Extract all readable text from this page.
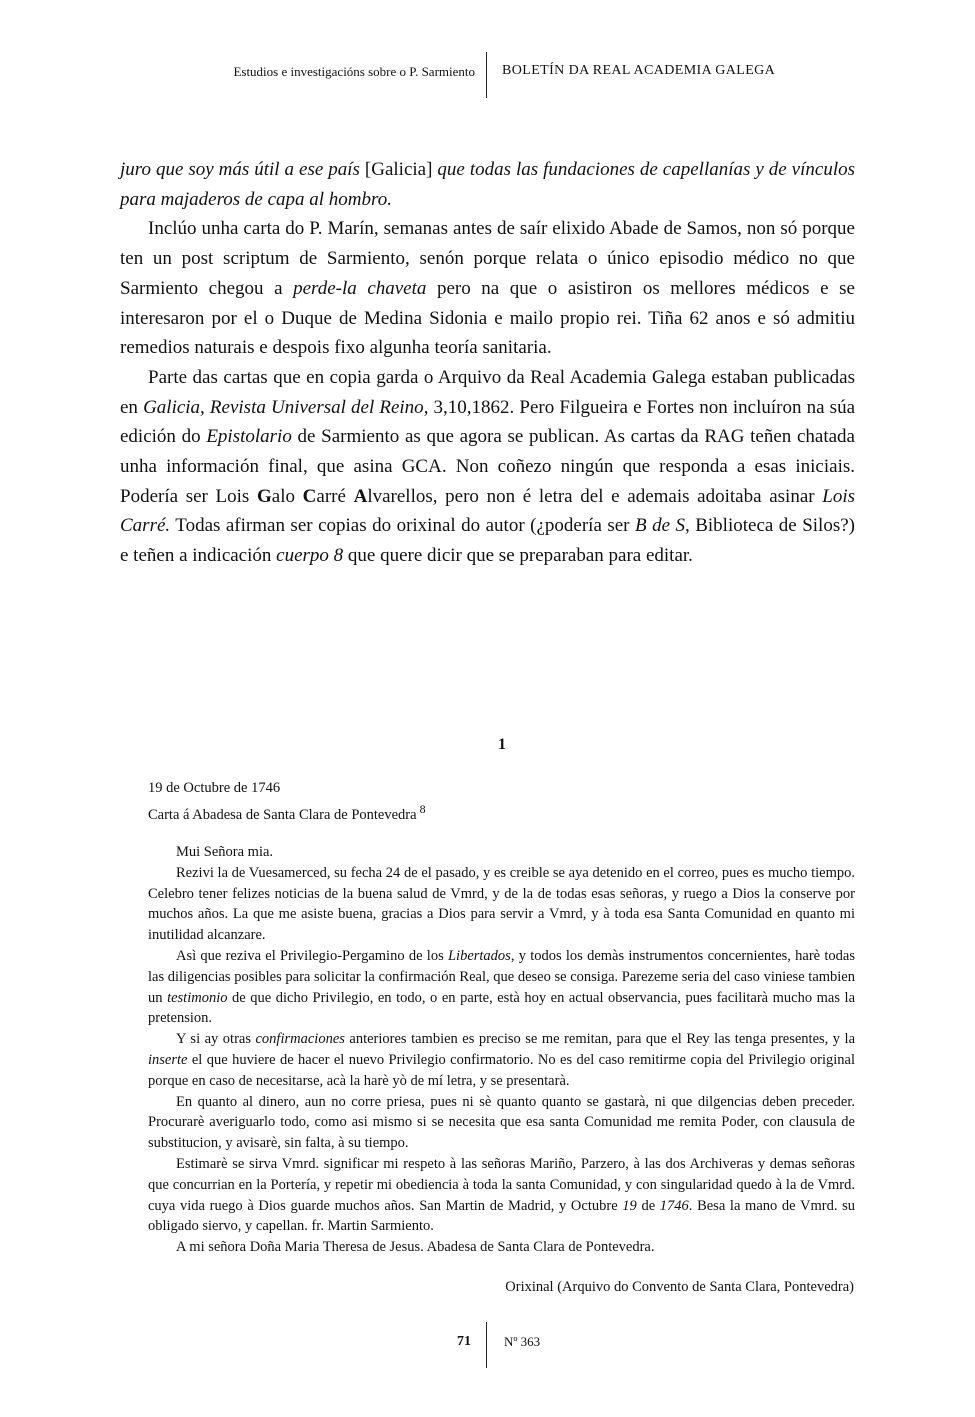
Estudios e investigacións sobre o P. Sarmiento BOLETÍN DA REAL ACADEMIA GALEGA

juro que soy más útil a ese país [Galicia] que todas las fundaciones de capellanías y de vínculos para majaderos de capa al hombro.

Inclúo unha carta do P. Marín, semanas antes de saír elixido Abade de Samos, non só porque ten un post scriptum de Sarmiento, senón porque relata o único episodio médico no que Sarmiento chegou a perde-la chaveta pero na que o asistiron os mellores médicos e se interesaron por el o Duque de Medina Sidonia e mailo propio rei. Tiña 62 anos e só admitiu remedios naturais e despois fixo algunha teoría sanitaria.

Parte das cartas que en copia garda o Arquivo da Real Academia Galega estaban publicadas en Galicia, Revista Universal del Reino, 3,10,1862. Pero Filgueira e Fortes non incluíron na súa edición do Epistolario de Sarmiento as que agora se publican. As cartas da RAG teñen chatada unha información final, que asina GCA. Non coñezo ningún que responda a esas iniciais. Podería ser Lois Galo Carré Alvarellos, pero non é letra del e ademais adoitaba asinar Lois Carré. Todas afirman ser copias do orixinal do autor (¿podería ser B de S, Biblioteca de Silos?) e teñen a indicación cuerpo 8 que quere dicir que se preparaban para editar.

1
19 de Octubre de 1746
Carta á Abadesa de Santa Clara de Pontevedra $^8$

Mui Señora mia.

Rezivi la de Vuesamerced, su fecha 24 de el pasado, y es creible se aya detenido en el correo, pues es mucho tiempo. Celebro tener felizes noticias de la buena salud de Vmrd, y de la de todas esas señoras, y ruego a Dios la conserve por muchos años. La que me asiste buena, gracias a Dios para servir a Vmrd, y à toda esa Santa Comunidad en quanto mi inutilidad alcanzare.

Asì que reziva el Privilegio-Pergamino de los Libertados, y todos los demàs instrumentos concernientes, harè todas las diligencias posibles para solicitar la confirmación Real, que deseo se consiga. Parezeme seria del caso viniese tambien un testimonio de que dicho Privilegio, en todo, o en parte, està hoy en actual observancia, pues facilitarà mucho mas la pretension.

Y si ay otras confirmaciones anteriores tambien es preciso se me remitan, para que el Rey las tenga presentes, y la inserte el que huviere de hacer el nuevo Privilegio confirmatorio. No es del caso remitirme copia del Privilegio original porque en caso de necesitarse, acà la harè yò de mí letra, y se presentarà.

En quanto al dinero, aun no corre priesa, pues ni sè quanto quanto se gastarà, ni que dilgencias deben preceder. Procurarè averiguarlo todo, como asi mismo si se necesita que esa santa Comunidad me remita Poder, con clausula de substitucion, y avisarè, sin falta, à su tiempo.

Estimarè se sirva Vmrd. significar mi respeto à las señoras Mariño, Parzero, à las dos Archiveras y demas señoras que concurrian en la Portería, y repetir mi obediencia à toda la santa Comunidad, y con singularidad quedo à la de Vmrd. cuya vida ruego à Dios guarde muchos años. San Martin de Madrid, y Octubre 19 de 1746. Besa la mano de Vmrd. su obligado siervo, y capellan. fr. Martin Sarmiento.

A mi señora Doña Maria Theresa de Jesus. Abadesa de Santa Clara de Pontevedra.

Orixinal (Arquivo do Convento de Santa Clara, Pontevedra)
71	Nº 363
